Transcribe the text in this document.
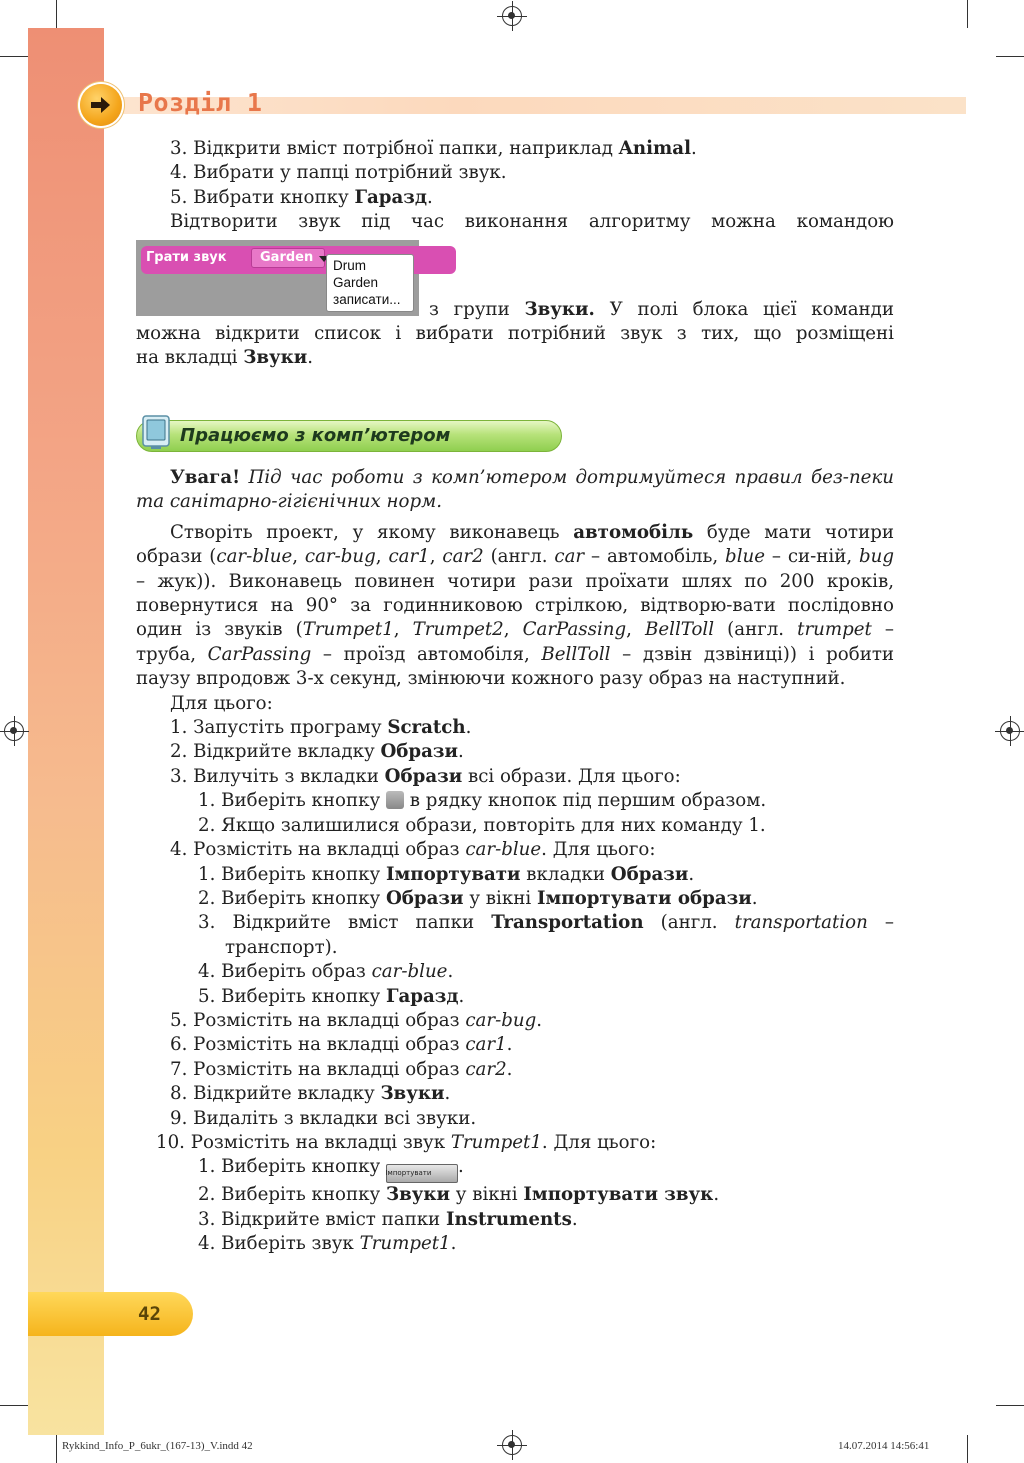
Розділ 1

3. Відкрити вміст потрібної папки, наприклад Animal.

4. Вибрати у папці потрібний звук.

5. Вибрати кнопку Гаразд.

Відтворити звук під час виконання алгоритму можна командою

Грати звук	Garden
Drum
Garden
записати...	з групи Звуки. У полі блока цієї команди

можна відкрити список і вибрати потрібний звук з тих, що розміщені

на вкладці Звуки.

Працюємо з комп’ютером

Увага! Під час роботи з комп’ютером дотримуйтеся правил без-пеки та санітарно-гігієнічних норм.

Створіть проект, у якому виконавець автомобіль буде мати чотири образи (car-blue, car-bug, car1, car2 (англ. car – автомобіль, blue – си-ній, bug – жук)). Виконавець повинен чотири рази проїхати шлях по 200 кроків, повернутися на 90° за годинниковою стрілкою, відтворю-вати послідовно один із звуків (Trumpet1, Trumpet2, CarPassing, BellToll (англ. trumpet – труба, CarPassing – проїзд автомобіля, BellToll – дзвін дзвіниці)) і робити паузу впродовж 3-х секунд, змінюючи кожного разу образ на наступний.

Для цього:

1. Запустіть програму Scratch.

2. Відкрийте вкладку Образи.

3. Вилучіть з вкладки Образи всі образи. Для цього:

1. Виберіть кнопку ✕ в рядку кнопок під першим образом.

2. Якщо залишилися образи, повторіть для них команду 1.

4. Розмістіть на вкладці образ car-blue. Для цього:

1. Виберіть кнопку Імпортувати вкладки Образи.

2. Виберіть кнопку Образи у вікні Імпортувати образи.

3. Відкрийте вміст папки Transportation (англ. transportation – транспорт).

4. Виберіть образ car-blue.

5. Виберіть кнопку Гаразд.

5. Розмістіть на вкладці образ car-bug.

6. Розмістіть на вкладці образ car1.

7. Розмістіть на вкладці образ car2.

8. Відкрийте вкладку Звуки.

9. Видаліть з вкладки всі звуки.

10. Розмістіть на вкладці звук Trumpet1. Для цього:

1. Виберіть кнопку Імпортувати .

2. Виберіть кнопку Звуки у вікні Імпортувати звук.

3. Відкрийте вміст папки Instruments.

4. Виберіть звук Trumpet1.

42
Rykkind_Info_P_6ukr_(167-13)_V.indd 42	14.07.2014 14:56:41
